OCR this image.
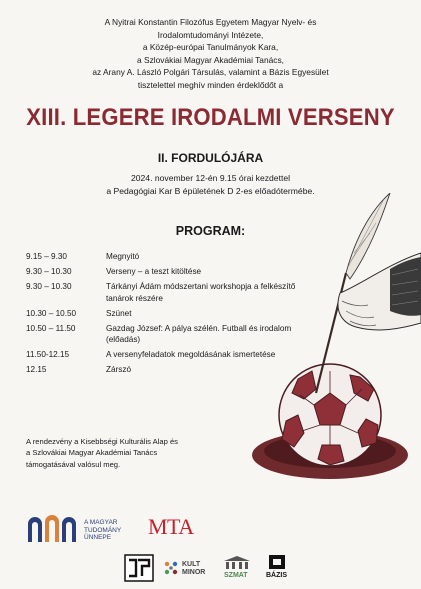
A Nyitrai Konstantin Filozófus Egyetem Magyar Nyelv- és
Irodalomtudományi Intézete,
a Közép-európai Tanulmányok Kara,
a Szlovákiai Magyar Akadémiai Tanács,
az Arany A. László Polgári Társulás, valamint a Bázis Egyesület
tisztelettel meghív minden érdeklődőt a
XIII. LEGERE IRODALMI VERSENY
II. FORDULÓJÁRA
2024. november 12-én 9.15 órai kezdettel
a Pedagógiai Kar B épületének D 2-es előadótermébe.
PROGRAM:
9.15 – 9.30	Megnyitó
9.30 – 10.30	Verseny – a teszt kitöltése
9.30 – 10.30	Tárkányi Ádám módszertani workshopja a felkészítő tanárok részére
10.30 – 10.50	Szünet
10.50 – 11.50	Gazdag József: A pálya szélén. Futball és irodalom (előadás)
11.50-12.15	A versenyfeladatok megoldásának ismertetése
12.15	Zárszó
A rendezvény a Kisebbségi Kulturális Alap és
a Szlovákiai Magyar Akadémiai Tanács
támogatásával valósul meg.
A MAGYAR
TUDOMÁNY
ÜNNEPE	MTA
KULT
MINOR	SZMAT	BÁZIS
